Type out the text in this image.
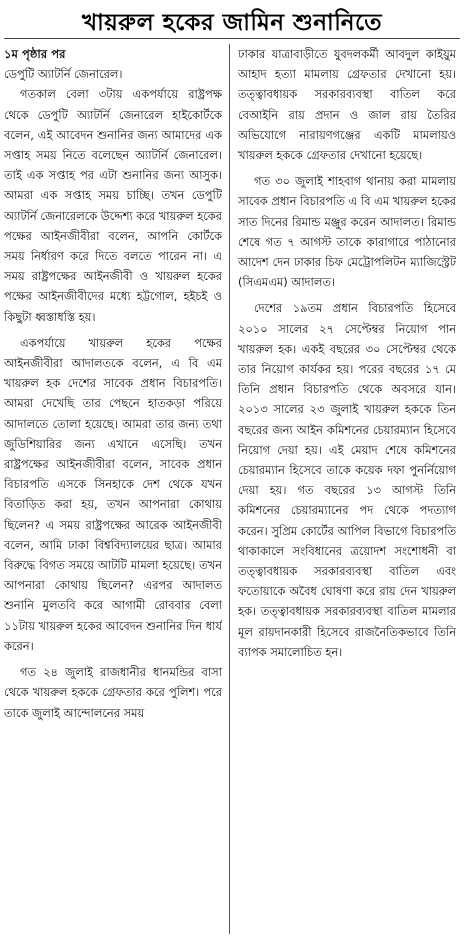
খায়রুল হকের জামিন শুনানিতে

১ম পৃষ্ঠার পর

ডেপুটি অ্যাটর্নি জেনারেল।

গতকাল বেলা ৩টায় একপর্যায়ে রাষ্ট্রপক্ষ থেকে ডেপুটি অ্যাটর্নি জেনারেল হাইকোর্টকে বলেন, এই আবেদন শুনানির জন্য আমাদের এক সপ্তাহ সময় নিতে বলেছেন অ্যাটর্নি জেনারেল। তাই এক সপ্তাহ পর এটা শুনানির জন্য আসুক। আমরা এক সপ্তাহ সময় চাচ্ছি। তখন ডেপুটি অ্যাটর্নি জেনারেলকে উদ্দেশ্য করে খায়রুল হকের পক্ষের আইনজীবীরা বলেন, আপনি কোর্টকে সময় নির্ধারণ করে দিতে বলতে পারেন না। এ সময় রাষ্ট্রপক্ষের আইনজীবী ও খায়রুল হকের পক্ষের আইনজীবীদের মধ্যে হট্টগোল, হইচই ও কিছুটা ধ্বস্তাধস্তি হয়।

একপর্যায়ে খায়রুল হকের পক্ষের আইনজীবীরা আদালতকে বলেন, এ বি এম খায়রুল হক দেশের সাবেক প্রধান বিচারপতি। আমরা দেখেছি তার পেছনে হাতকড়া পরিয়ে আদালতে তোলা হয়েছে। আমরা তার জন্য তথা জুডিশিয়ারির জন্য এখানে এসেছি। তখন রাষ্ট্রপক্ষের আইনজীবীরা বলেন, সাবেক প্রধান বিচারপতি এসকে সিনহাকে দেশ থেকে যখন বিতাড়িত করা হয়, তখন আপনারা কোথায় ছিলেন? এ সময় রাষ্ট্রপক্ষের আরেক আইনজীবী বলেন, আমি ঢাকা বিশ্ববিদ্যালয়ের ছাত্র। আমার বিরুদ্ধে বিগত সময়ে আটটি মামলা হয়েছে। তখন আপনারা কোথায় ছিলেন? এরপর আদালত শুনানি মুলতবি করে আগামী রোববার বেলা ১১টায় খায়রুল হকের আবেদন শুনানির দিন ধার্য করেন।

গত ২৪ জুলাই রাজধানীর ধানমন্ডির বাসা থেকে খায়রুল হককে গ্রেফতার করে পুলিশ। পরে তাকে জুলাই আন্দোলনের সময়

ঢাকার যাত্রাবাড়ীতে যুবদলকর্মী আবদুল কাইয়ুম আহাদ হত্যা মামলায় গ্রেফতার দেখানো হয়। তত্ত্বাবধায়ক সরকারব্যবস্থা বাতিল করে বেআইনি রায় প্রদান ও জাল রায় তৈরির অভিযোগে নারায়ণগঞ্জের একটি মামলায়ও খায়রুল হককে গ্রেফতার দেখানো হয়েছে।

গত ৩০ জুলাই শাহবাগ থানায় করা মামলায় সাবেক প্রধান বিচারপতি এ বি এম খায়রুল হকের সাত দিনের রিমান্ড মঞ্জুর করেন আদালত। রিমান্ড শেষে গত ৭ আগস্ট তাকে কারাগারে পাঠানোর আদেশ দেন ঢাকার চিফ মেট্রোপলিটন ম্যাজিস্ট্রেট (সিএমএম) আদালত।

দেশের ১৯তম প্রধান বিচারপতি হিসেবে ২০১০ সালের ২৭ সেপ্টেম্বর নিয়োগ পান খায়রুল হক। একই বছরের ৩০ সেপ্টেম্বর থেকে তার নিয়োগ কার্যকর হয়। পরের বছরের ১৭ মে তিনি প্রধান বিচারপতি থেকে অবসরে যান। ২০১৩ সালের ২৩ জুলাই খায়রুল হককে তিন বছরের জন্য আইন কমিশনের চেয়ারম্যান হিসেবে নিয়োগ দেয়া হয়। এই মেয়াদ শেষে কমিশনের চেয়ারম্যান হিসেবে তাকে কয়েক দফা পুনর্নিয়োগ দেয়া হয়। গত বছরের ১৩ আগস্ট তিনি কমিশনের চেয়ারম্যানের পদ থেকে পদত্যাগ করেন। সুপ্রিম কোর্টের আপিল বিভাগে বিচারপতি থাকাকালে সংবিধানের ত্রয়োদশ সংশোধনী বা তত্ত্বাবধায়ক সরকারব্যবস্থা বাতিল এবং ফতোয়াকে অবৈধ ঘোষণা করে রায় দেন খায়রুল হক। তত্ত্বাবধায়ক সরকারব্যবস্থা বাতিল মামলার মূল রায়দানকারী হিসেবে রাজনৈতিকভাবে তিনি ব্যাপক সমালোচিত হন।
